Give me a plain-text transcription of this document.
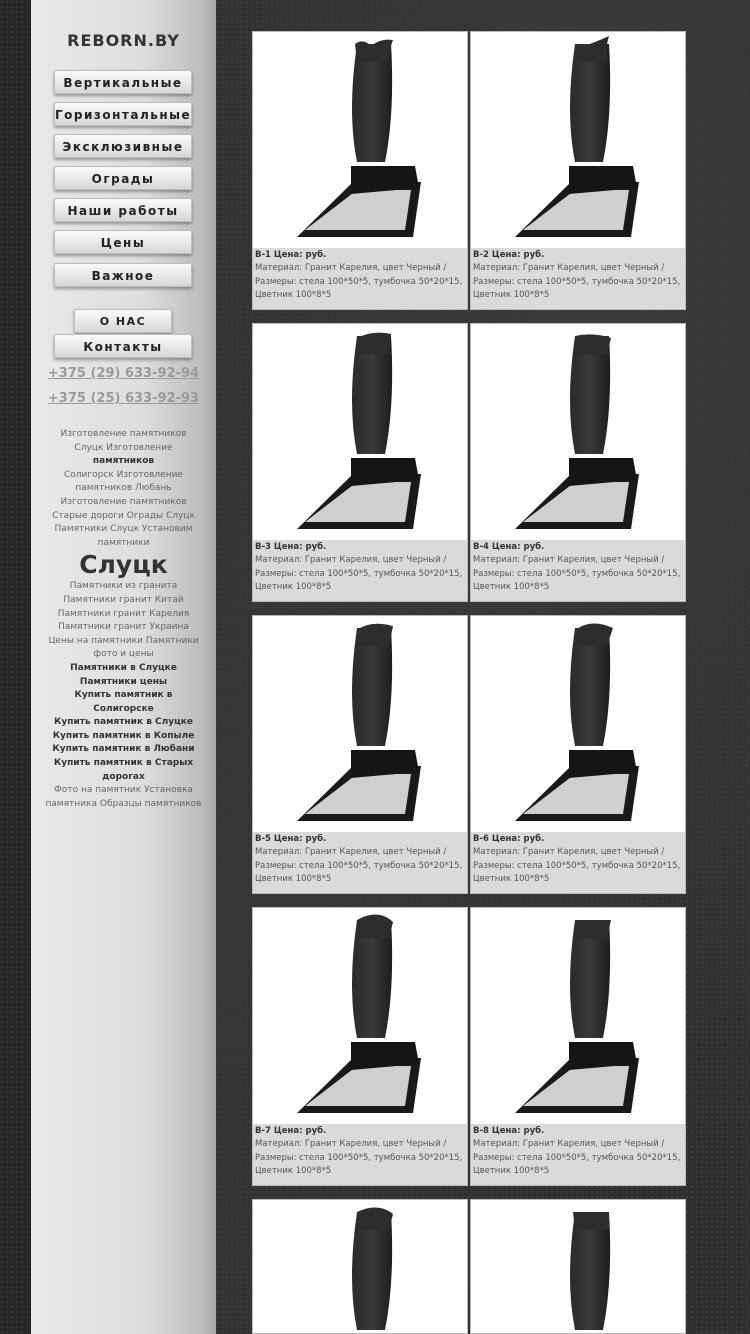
REBORN.BY
Вертикальные
Горизонтальные
Эксклюзивные
Ограды
Наши работы
Цены
Важное
О НАС
Контакты
+375 (29) 633-92-94
+375 (25) 633-92-93
Изготовление памятников Слуцк Изготовление
памятников
Солигорск Изготовление памятников Любань Изготовление памятников Старые дороги Ограды Слуцк Памятники Слуцк Установим памятники
Слуцк
Памятники из гранита Памятники гранит Китай Памятники гранит Карелия Памятники гранит Украина Цены на памятники Памятники фото и цены
Памятники в Слуцке
Памятники цены
Купить памятник в Солигорске
Купить памятник в Слуцке
Купить памятник в Копыле
Купить памятник в Любани
Купить памятник в Старых дорогах
Фото на памятник Установка памятника Образцы памятников
В-1 Цена: руб.
Материал: Гранит Карелия, цвет Черный /
Размеры: стела 100*50*5, тумбочка 50*20*15,
Цветник 100*8*5
В-2 Цена: руб.
Материал: Гранит Карелия, цвет Черный /
Размеры: стела 100*50*5, тумбочка 50*20*15,
Цветник 100*8*5
В-3 Цена: руб.
Материал: Гранит Карелия, цвет Черный /
Размеры: стела 100*50*5, тумбочка 50*20*15,
Цветник 100*8*5
В-4 Цена: руб.
Материал: Гранит Карелия, цвет Черный /
Размеры: стела 100*50*5, тумбочка 50*20*15,
Цветник 100*8*5
В-5 Цена: руб.
Материал: Гранит Карелия, цвет Черный /
Размеры: стела 100*50*5, тумбочка 50*20*15,
Цветник 100*8*5
В-6 Цена: руб.
Материал: Гранит Карелия, цвет Черный /
Размеры: стела 100*50*5, тумбочка 50*20*15,
Цветник 100*8*5
В-7 Цена: руб.
Материал: Гранит Карелия, цвет Черный /
Размеры: стела 100*50*5, тумбочка 50*20*15,
Цветник 100*8*5
В-8 Цена: руб.
Материал: Гранит Карелия, цвет Черный /
Размеры: стела 100*50*5, тумбочка 50*20*15,
Цветник 100*8*5
